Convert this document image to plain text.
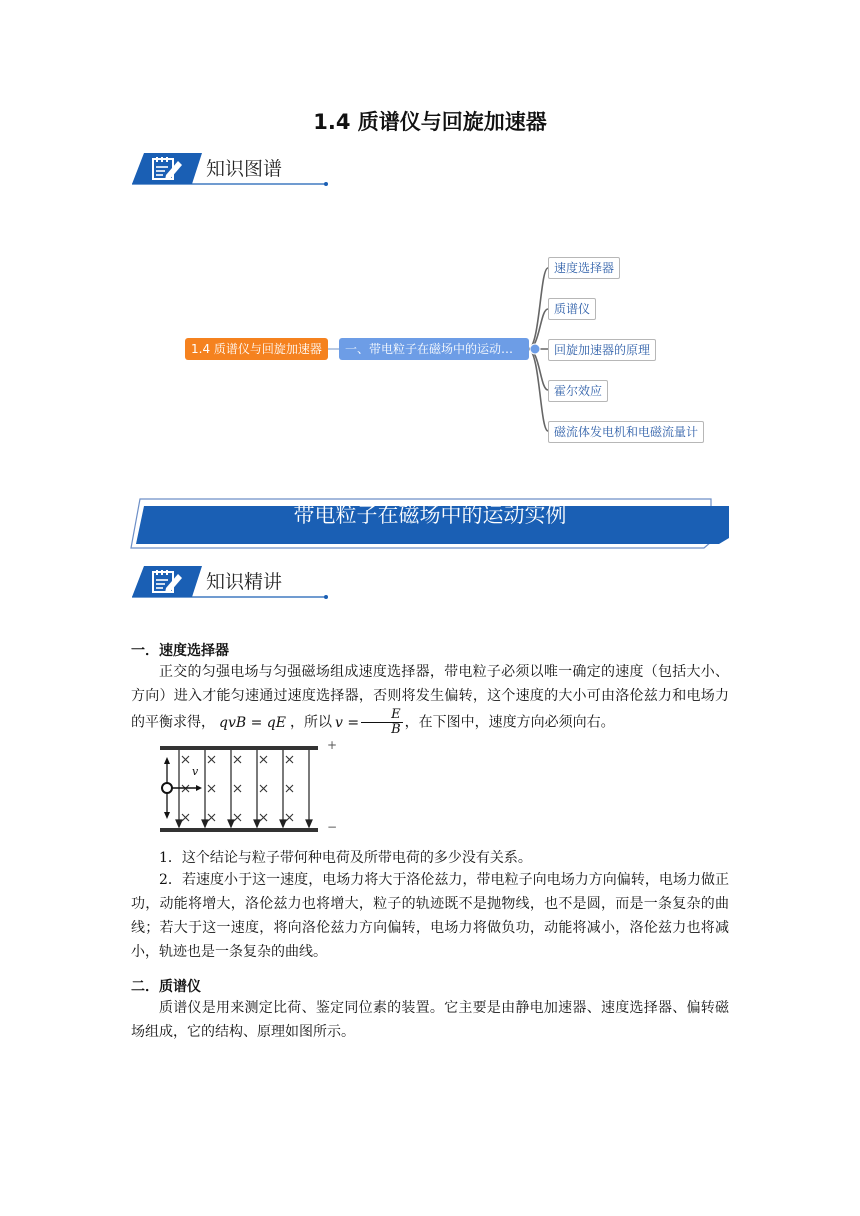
1.4 质谱仪与回旋加速器
知识图谱
1.4 质谱仪与回旋加速器	一、带电粒子在磁场中的运动…
速度选择器
质谱仪
回旋加速器的原理
霍尔效应
磁流体发电机和电磁流量计
带电粒子在磁场中的运动实例
知识精讲
一．速度选择器
正交的匀强电场与匀强磁场组成速度选择器，带电粒子必须以唯一确定的速度（包括大小、方向）进入才能匀速通过速度选择器，否则将发生偏转，这个速度的大小可由洛伦兹力和电场力的平衡求得， qvB = qE ，所以 $v = \frac{E}{B}$ ，在下图中，速度方向必须向右。
v
+
−
1．这个结论与粒子带何种电荷及所带电荷的多少没有关系。
2．若速度小于这一速度，电场力将大于洛伦兹力，带电粒子向电场力方向偏转，电场力做正功，动能将增大，洛伦兹力也将增大，粒子的轨迹既不是抛物线，也不是圆，而是一条复杂的曲线；若大于这一速度，将向洛伦兹力方向偏转，电场力将做负功，动能将减小，洛伦兹力也将减小，轨迹也是一条复杂的曲线。
二．质谱仪
质谱仪是用来测定比荷、鉴定同位素的装置。它主要是由静电加速器、速度选择器、偏转磁场组成，它的结构、原理如图所示。
